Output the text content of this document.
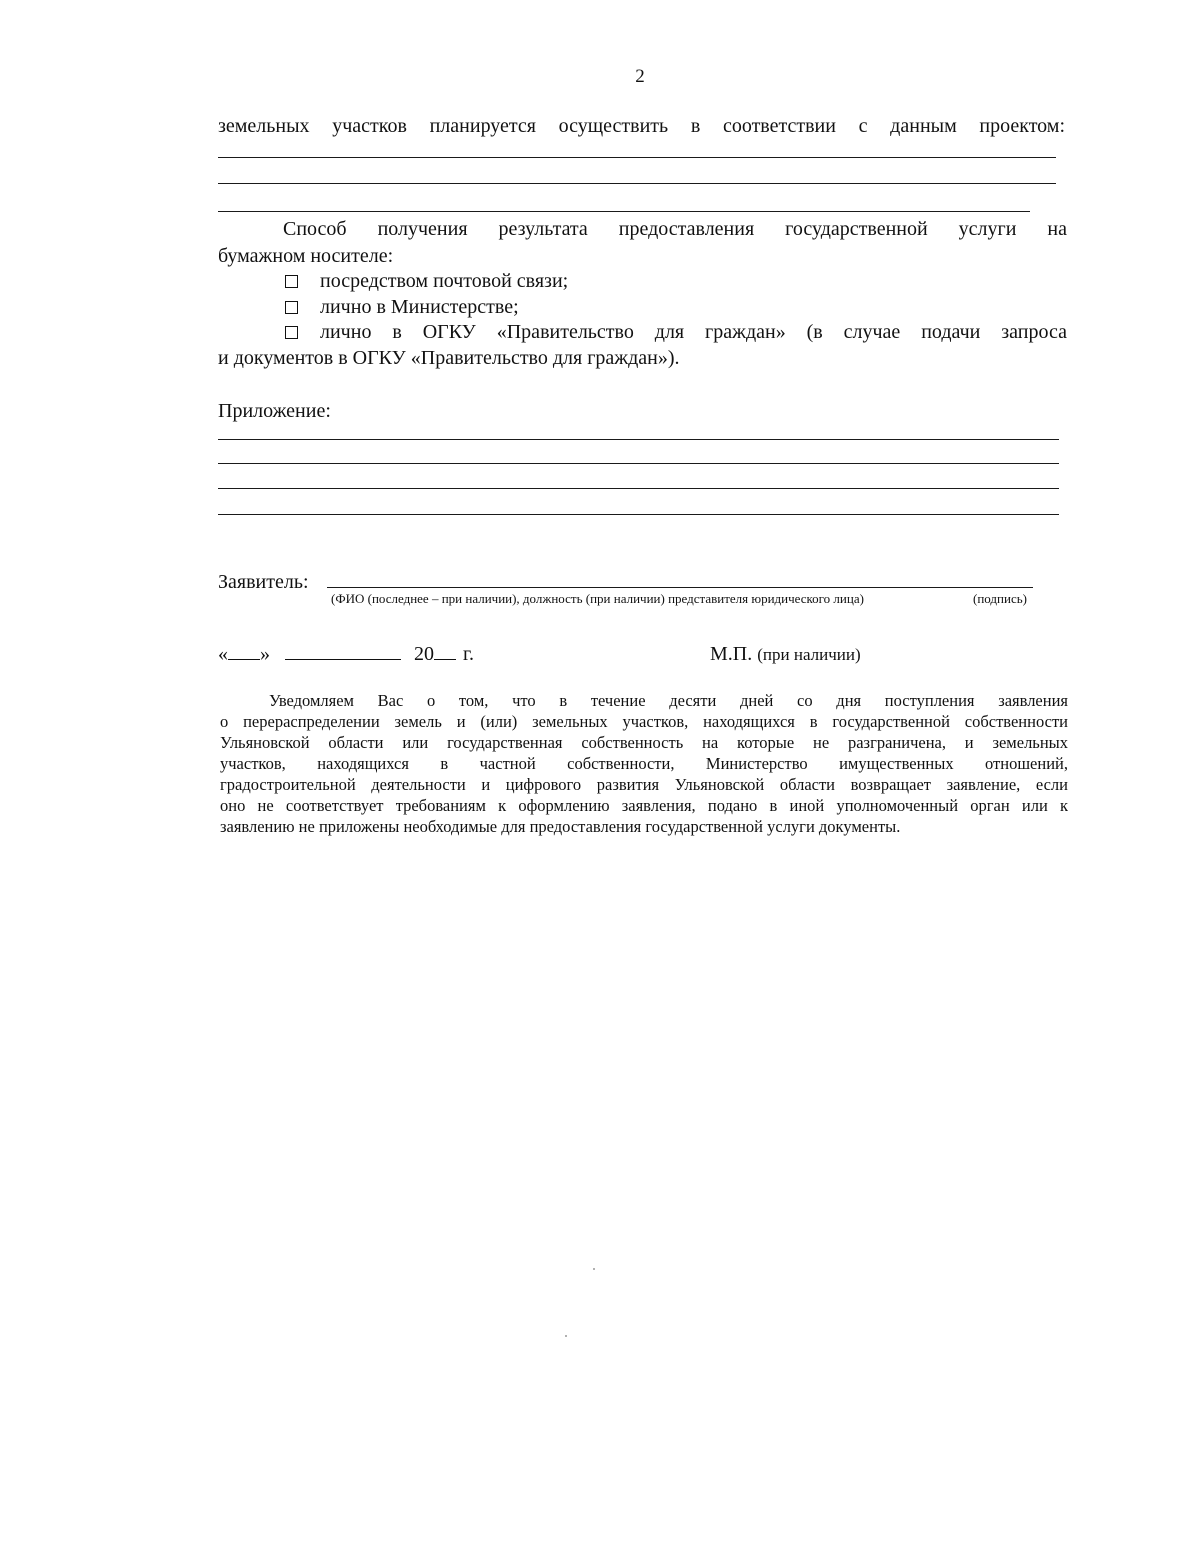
2
земельных участков планируется осуществить в соответствии с данным проектом:
Способ получения результата предоставления государственной услуги на
бумажном носителе:
посредством почтовой связи;
лично в Министерстве;
лично в ОГКУ «Правительство для граждан» (в случае подачи запроса
и документов в ОГКУ «Правительство для граждан»).
Приложение:
Заявитель:
(ФИО (последнее – при наличии), должность (при наличии) представителя юридического лица)	(подпись)
« »	20 г.	М.П. (при наличии)
Уведомляем Вас о том, что в течение десяти дней со дня поступления заявления
о перераспределении земель и (или) земельных участков, находящихся в государственной собственности
Ульяновской области или государственная собственность на которые не разграничена, и земельных
участков, находящихся в частной собственности, Министерство имущественных отношений,
градостроительной деятельности и цифрового развития Ульяновской области возвращает заявление, если
оно не соответствует требованиям к оформлению заявления, подано в иной уполномоченный орган или к
заявлению не приложены необходимые для предоставления государственной услуги документы.
